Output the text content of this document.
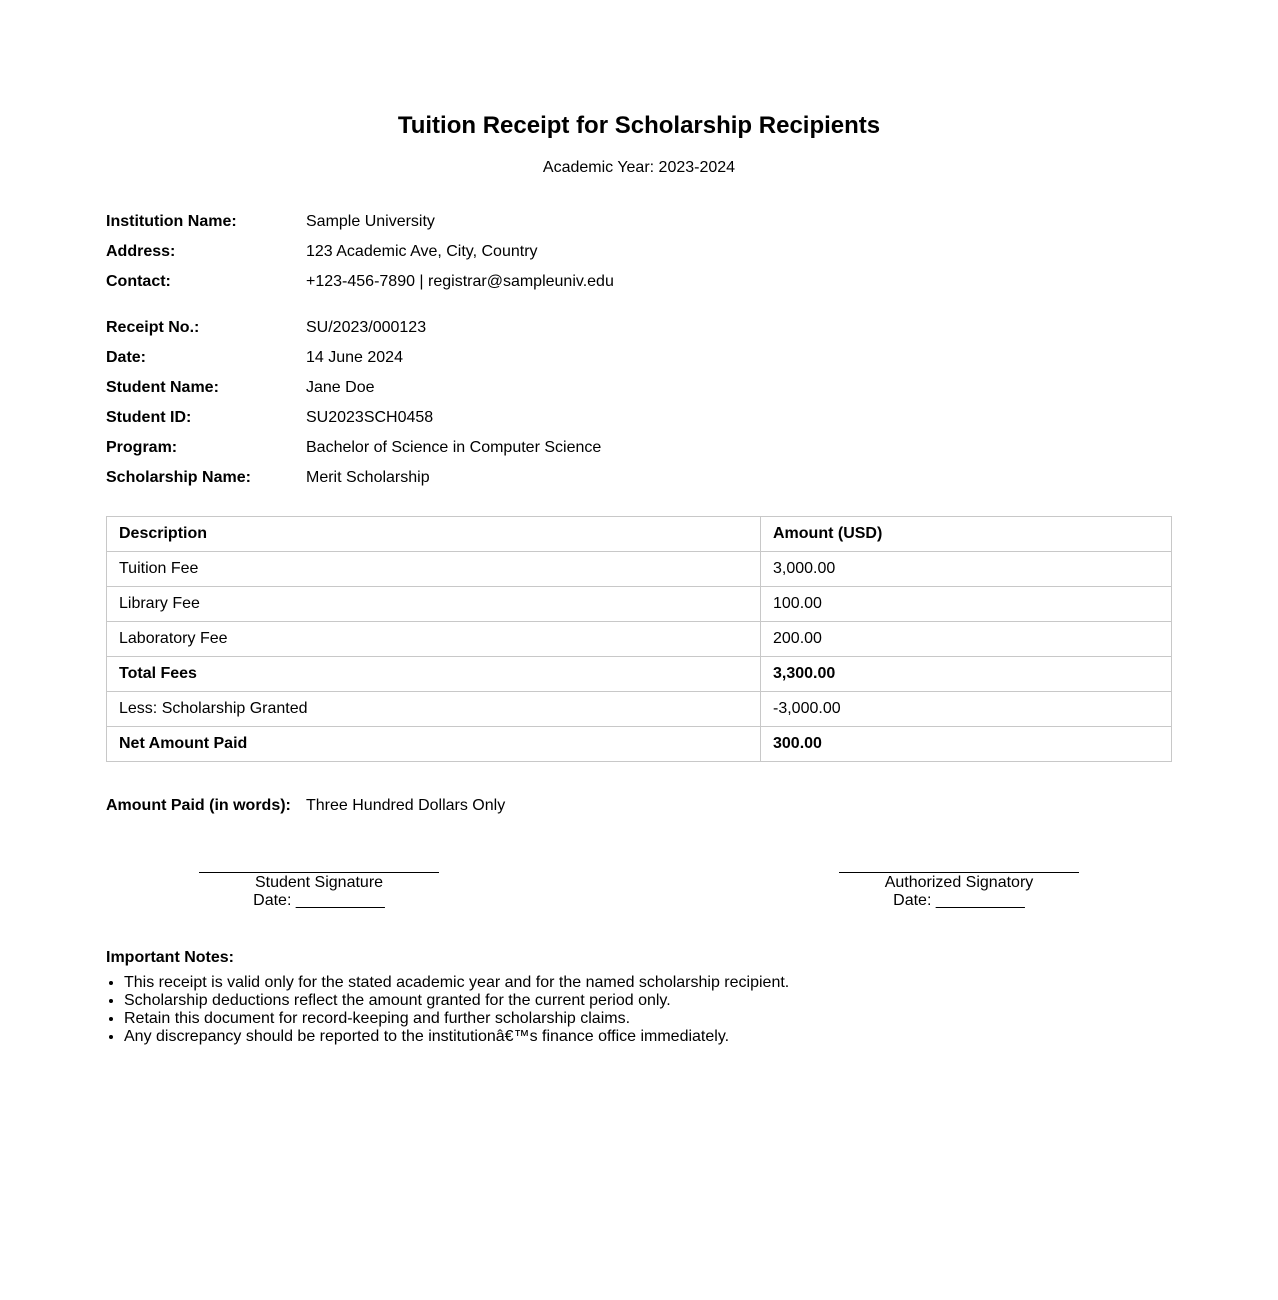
Tuition Receipt for Scholarship Recipients
Academic Year: 2023-2024
Institution Name:	Sample University
Address:	123 Academic Ave, City, Country
Contact:	+123-456-7890 | registrar@sampleuniv.edu
Receipt No.:	SU/2023/000123
Date:	14 June 2024
Student Name:	Jane Doe
Student ID:	SU2023SCH0458
Program:	Bachelor of Science in Computer Science
Scholarship Name:	Merit Scholarship
Description	Amount (USD)
Tuition Fee	3,000.00
Library Fee	100.00
Laboratory Fee	200.00
Total Fees	3,300.00
Less: Scholarship Granted	-3,000.00
Net Amount Paid	300.00
Amount Paid (in words): Three Hundred Dollars Only
Student Signature
Date: __________
Authorized Signatory
Date: __________
Important Notes:
• This receipt is valid only for the stated academic year and for the named scholarship recipient.
• Scholarship deductions reflect the amount granted for the current period only.
• Retain this document for record-keeping and further scholarship claims.
• Any discrepancy should be reported to the institutionâ€™s finance office immediately.
